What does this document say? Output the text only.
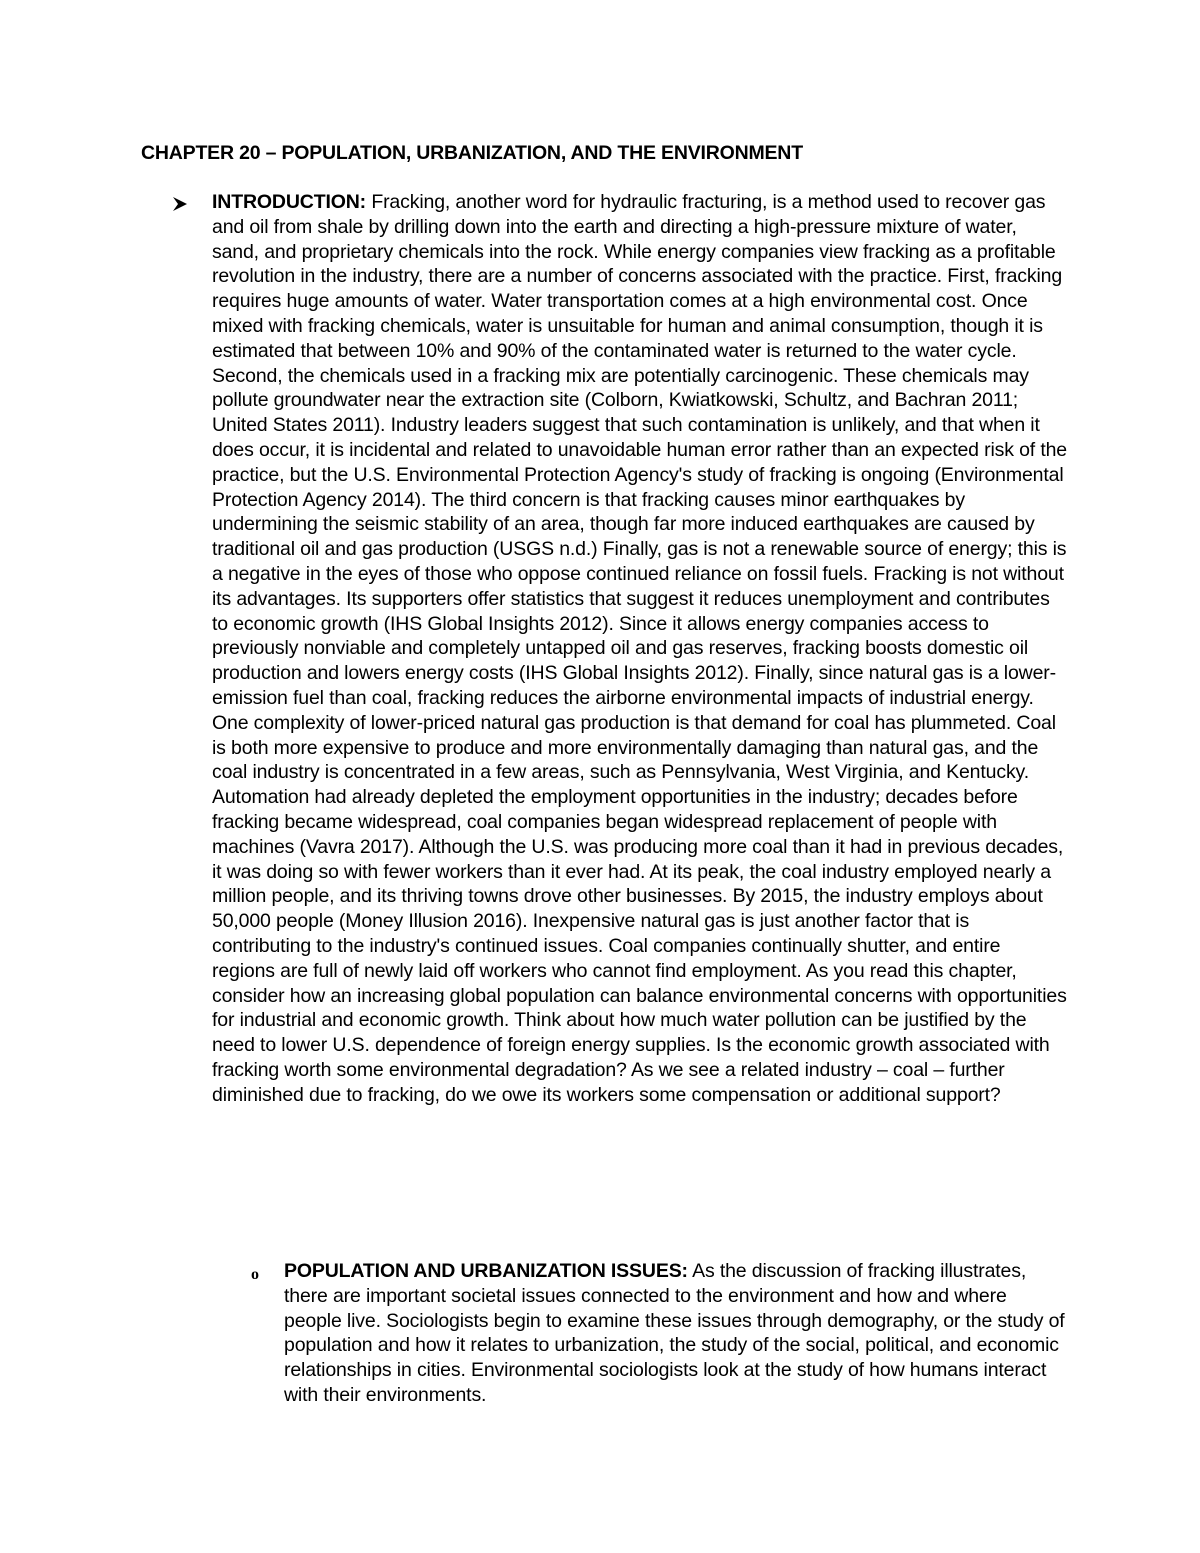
CHAPTER 20 – POPULATION, URBANIZATION, AND THE ENVIRONMENT

INTRODUCTION: Fracking, another word for hydraulic fracturing, is a method used to recover gas and oil from shale by drilling down into the earth and directing a high-pressure mixture of water, sand, and proprietary chemicals into the rock. While energy companies view fracking as a profitable revolution in the industry, there are a number of concerns associated with the practice. First, fracking requires huge amounts of water. Water transportation comes at a high environmental cost. Once mixed with fracking chemicals, water is unsuitable for human and animal consumption, though it is estimated that between 10% and 90% of the contaminated water is returned to the water cycle. Second, the chemicals used in a fracking mix are potentially carcinogenic. These chemicals may pollute groundwater near the extraction site (Colborn, Kwiatkowski, Schultz, and Bachran 2011; United States 2011). Industry leaders suggest that such contamination is unlikely, and that when it does occur, it is incidental and related to unavoidable human error rather than an expected risk of the practice, but the U.S. Environmental Protection Agency's study of fracking is ongoing (Environmental Protection Agency 2014). The third concern is that fracking causes minor earthquakes by undermining the seismic stability of an area, though far more induced earthquakes are caused by traditional oil and gas production (USGS n.d.) Finally, gas is not a renewable source of energy; this is a negative in the eyes of those who oppose continued reliance on fossil fuels. Fracking is not without its advantages. Its supporters offer statistics that suggest it reduces unemployment and contributes to economic growth (IHS Global Insights 2012). Since it allows energy companies access to previously nonviable and completely untapped oil and gas reserves, fracking boosts domestic oil production and lowers energy costs (IHS Global Insights 2012). Finally, since natural gas is a lower-emission fuel than coal, fracking reduces the airborne environmental impacts of industrial energy. One complexity of lower-priced natural gas production is that demand for coal has plummeted. Coal is both more expensive to produce and more environmentally damaging than natural gas, and the coal industry is concentrated in a few areas, such as Pennsylvania, West Virginia, and Kentucky. Automation had already depleted the employment opportunities in the industry; decades before fracking became widespread, coal companies began widespread replacement of people with machines (Vavra 2017). Although the U.S. was producing more coal than it had in previous decades, it was doing so with fewer workers than it ever had. At its peak, the coal industry employed nearly a million people, and its thriving towns drove other businesses. By 2015, the industry employs about 50,000 people (Money Illusion 2016). Inexpensive natural gas is just another factor that is contributing to the industry's continued issues. Coal companies continually shutter, and entire regions are full of newly laid off workers who cannot find employment. As you read this chapter, consider how an increasing global population can balance environmental concerns with opportunities for industrial and economic growth. Think about how much water pollution can be justified by the need to lower U.S. dependence of foreign energy supplies. Is the economic growth associated with fracking worth some environmental degradation? As we see a related industry – coal – further diminished due to fracking, do we owe its workers some compensation or additional support?

o POPULATION AND URBANIZATION ISSUES: As the discussion of fracking illustrates, there are important societal issues connected to the environment and how and where people live. Sociologists begin to examine these issues through demography, or the study of population and how it relates to urbanization, the study of the social, political, and economic relationships in cities. Environmental sociologists look at the study of how humans interact with their environments.
